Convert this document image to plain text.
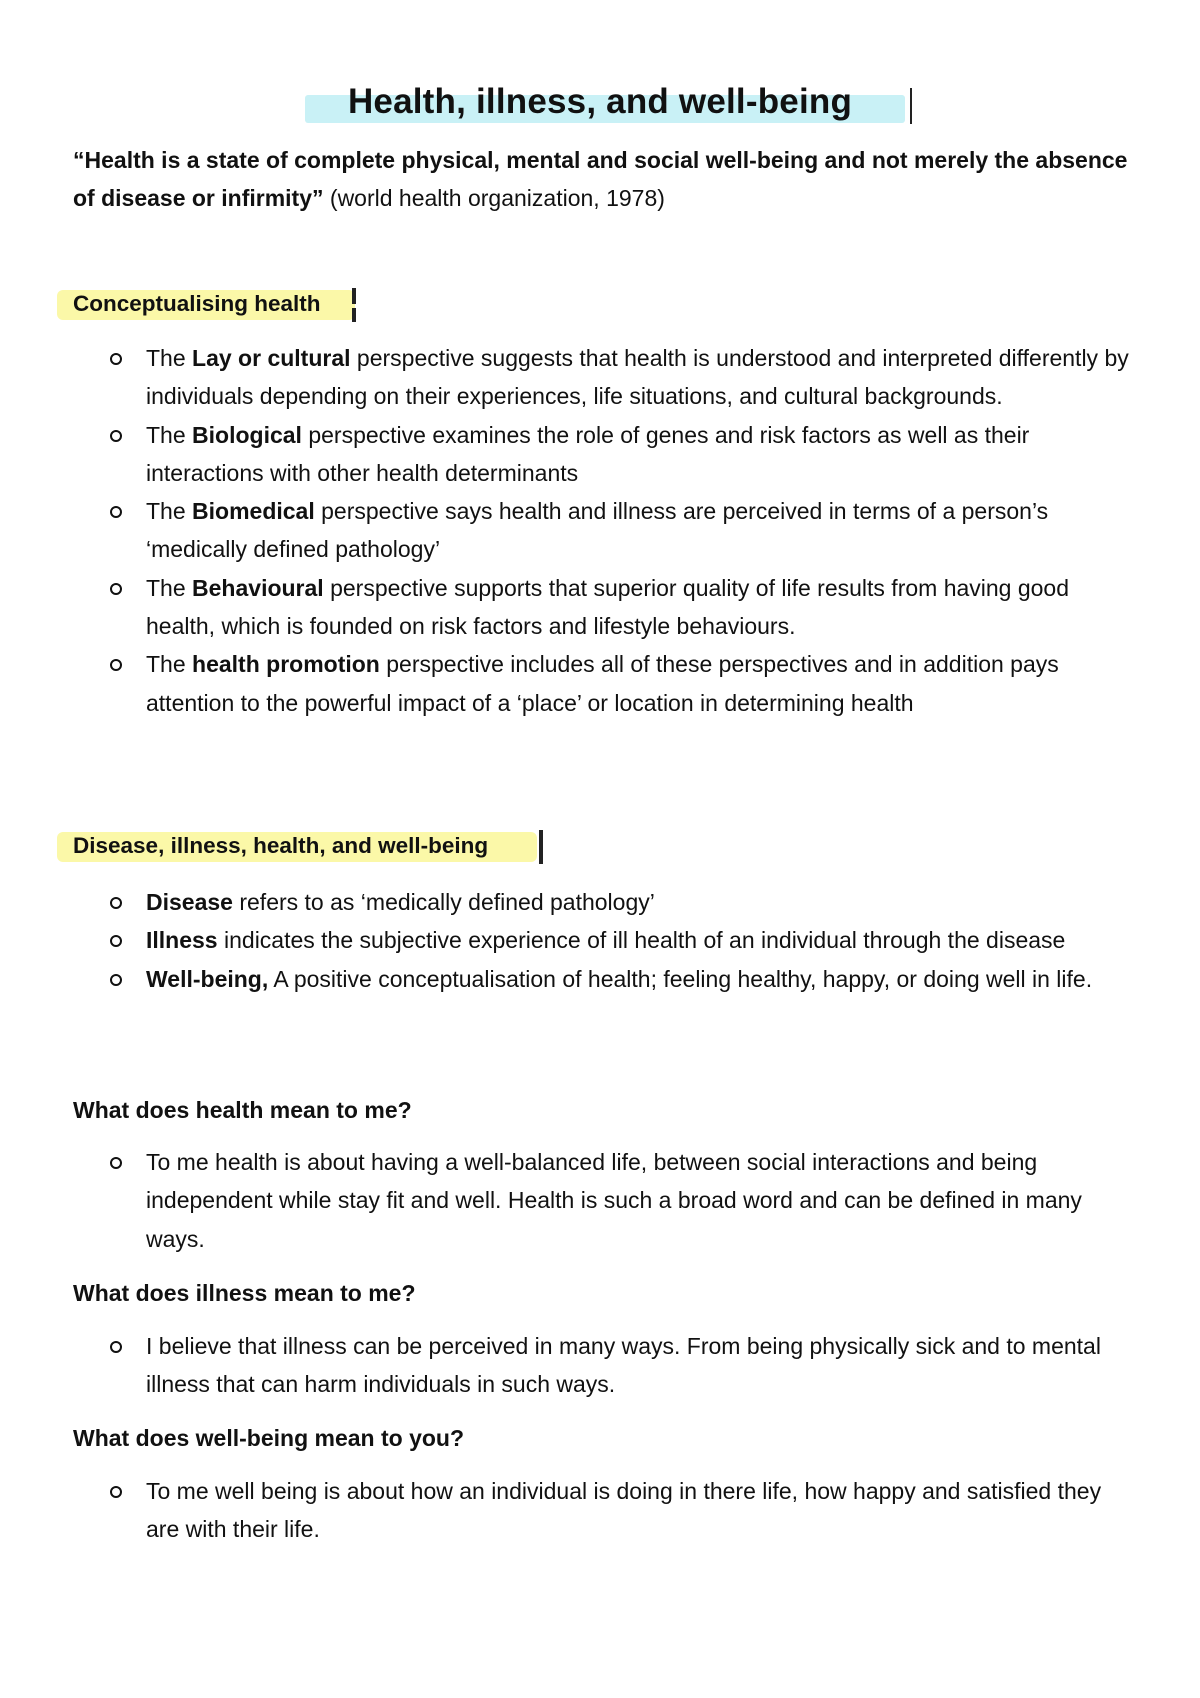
Health, illness, and well-being
“Health is a state of complete physical, mental and social well-being and not merely the absence of disease or infirmity” (world health organization, 1978)
Conceptualising health
The Lay or cultural perspective suggests that health is understood and interpreted differently by individuals depending on their experiences, life situations, and cultural backgrounds.
The Biological perspective examines the role of genes and risk factors as well as their interactions with other health determinants
The Biomedical perspective says health and illness are perceived in terms of a person’s ‘medically defined pathology’
The Behavioural perspective supports that superior quality of life results from having good health, which is founded on risk factors and lifestyle behaviours.
The health promotion perspective includes all of these perspectives and in addition pays attention to the powerful impact of a ‘place’ or location in determining health
Disease, illness, health, and well-being
Disease refers to as ‘medically defined pathology’
Illness indicates the subjective experience of ill health of an individual through the disease
Well-being, A positive conceptualisation of health; feeling healthy, happy, or doing well in life.
What does health mean to me?
To me health is about having a well-balanced life, between social interactions and being independent while stay fit and well. Health is such a broad word and can be defined in many ways.
What does illness mean to me?
I believe that illness can be perceived in many ways. From being physically sick and to mental illness that can harm individuals in such ways.
What does well-being mean to you?
To me well being is about how an individual is doing in there life, how happy and satisfied they are with their life.
